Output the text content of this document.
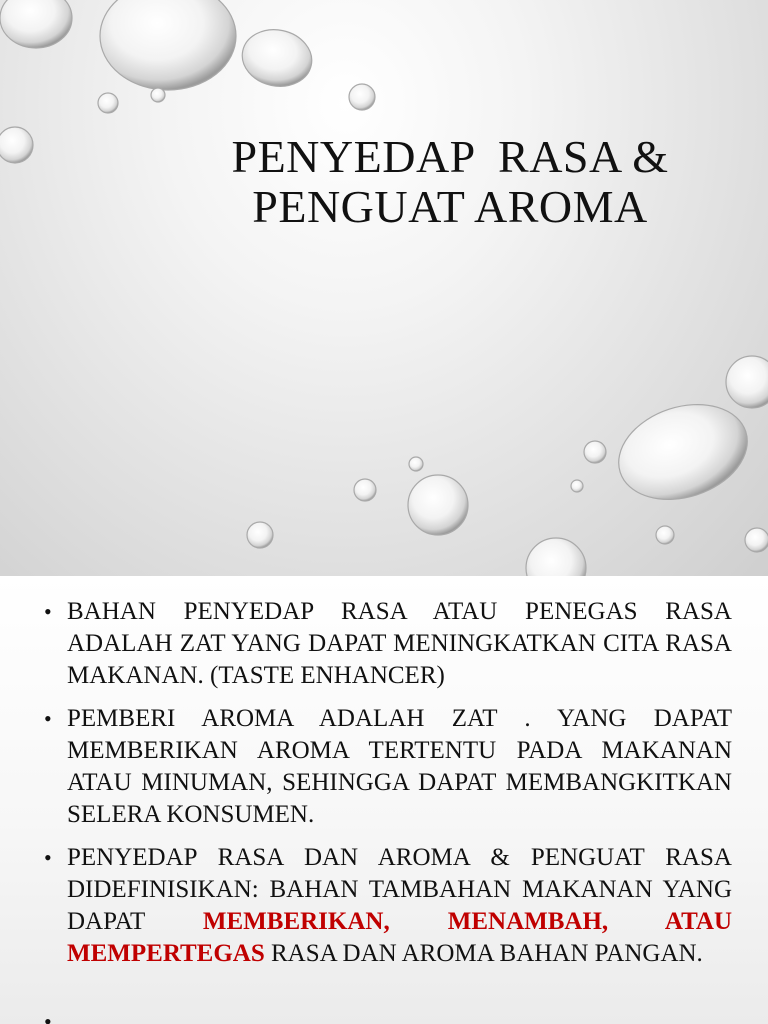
PENYEDAP  RASA &
PENGUAT AROMA
• BAHAN PENYEDAP RASA ATAU PENEGAS RASA ADALAH ZAT YANG DAPAT MENINGKATKAN CITA RASA MAKANAN. (TASTE ENHANCER)
• PEMBERI AROMA ADALAH ZAT . YANG DAPAT MEMBERIKAN AROMA TERTENTU PADA MAKANAN ATAU MINUMAN, SEHINGGA DAPAT MEMBANGKITKAN SELERA KONSUMEN.
• PENYEDAP RASA DAN AROMA & PENGUAT RASA DIDEFINISIKAN: BAHAN TAMBAHAN MAKANAN YANG DAPAT MEMBERIKAN, MENAMBAH, ATAU MEMPERTEGAS RASA DAN AROMA BAHAN PANGAN.
•
